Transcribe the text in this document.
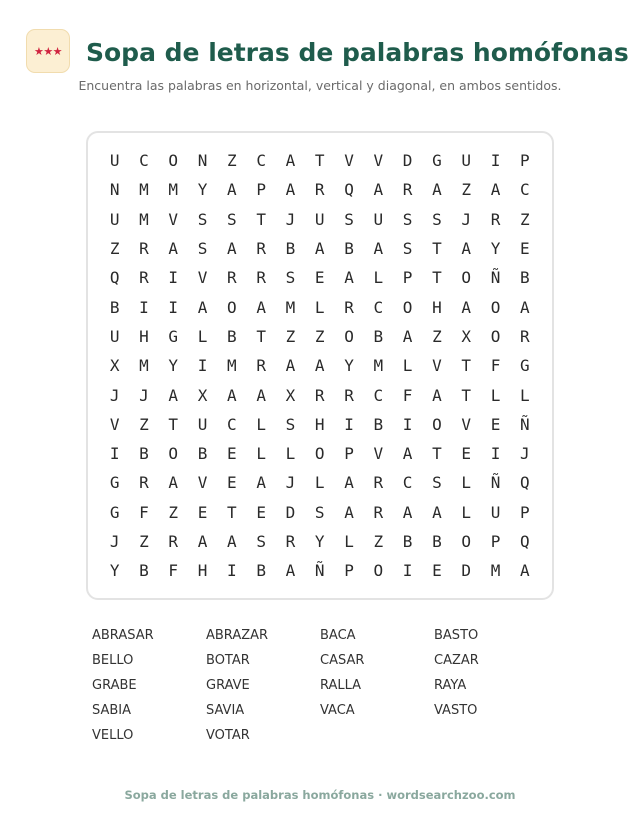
★★★ Sopa de letras de palabras homófonas
Encuentra las palabras en horizontal, vertical y diagonal, en ambos sentidos.
U	C	O	N	Z	C	A	T	V	V	D	G	U	I	P
N	M	M	Y	A	P	A	R	Q	A	R	A	Z	A	C
U	M	V	S	S	T	J	U	S	U	S	S	J	R	Z
Z	R	A	S	A	R	B	A	B	A	S	T	A	Y	E
Q	R	I	V	R	R	S	E	A	L	P	T	O	Ñ	B
B	I	I	A	O	A	M	L	R	C	O	H	A	O	A
U	H	G	L	B	T	Z	Z	O	B	A	Z	X	O	R
X	M	Y	I	M	R	A	A	Y	M	L	V	T	F	G
J	J	A	X	A	A	X	R	R	C	F	A	T	L	L
V	Z	T	U	C	L	S	H	I	B	I	O	V	E	Ñ
I	B	O	B	E	L	L	O	P	V	A	T	E	I	J
G	R	A	V	E	A	J	L	A	R	C	S	L	Ñ	Q
G	F	Z	E	T	E	D	S	A	R	A	A	L	U	P
J	Z	R	A	A	S	R	Y	L	Z	B	B	O	P	Q
Y	B	F	H	I	B	A	Ñ	P	O	I	E	D	M	A
ABRASAR	ABRAZAR	BACA	BASTO
BELLO	BOTAR	CASAR	CAZAR
GRABE	GRAVE	RALLA	RAYA
SABIA	SAVIA	VACA	VASTO
VELLO	VOTAR
Sopa de letras de palabras homófonas · wordsearchzoo.com
